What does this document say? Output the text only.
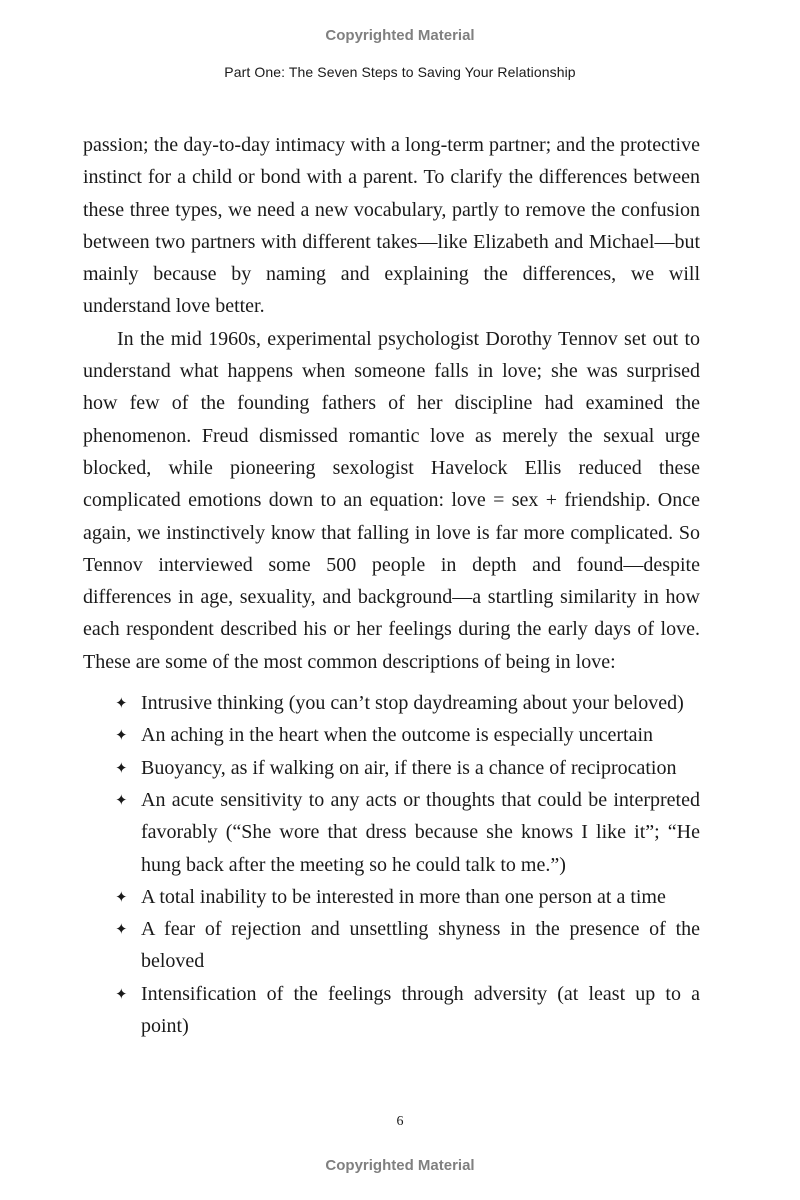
Copyrighted Material
Part One: The Seven Steps to Saving Your Relationship

passion; the day-to-day intimacy with a long-term partner; and the protective instinct for a child or bond with a parent. To clarify the differences between these three types, we need a new vocabulary, partly to remove the confusion between two partners with different takes—like Elizabeth and Michael—but mainly because by naming and explaining the differences, we will understand love better.

In the mid 1960s, experimental psychologist Dorothy Tennov set out to understand what happens when someone falls in love; she was surprised how few of the founding fathers of her discipline had examined the phenomenon. Freud dismissed romantic love as merely the sexual urge blocked, while pioneering sexologist Havelock Ellis reduced these complicated emotions down to an equation: love = sex + friendship. Once again, we instinctively know that falling in love is far more complicated. So Tennov interviewed some 500 people in depth and found—despite differences in age, sexuality, and background—a startling similarity in how each respondent described his or her feelings during the early days of love. These are some of the most common descriptions of being in love:

✦ Intrusive thinking (you can’t stop daydreaming about your beloved)
✦ An aching in the heart when the outcome is especially uncertain
✦ Buoyancy, as if walking on air, if there is a chance of reciprocation
✦ An acute sensitivity to any acts or thoughts that could be interpreted favorably (“She wore that dress because she knows I like it”; “He hung back after the meeting so he could talk to me.”)
✦ A total inability to be interested in more than one person at a time
✦ A fear of rejection and unsettling shyness in the presence of the beloved
✦ Intensification of the feelings through adversity (at least up to a point)
6
Copyrighted Material
